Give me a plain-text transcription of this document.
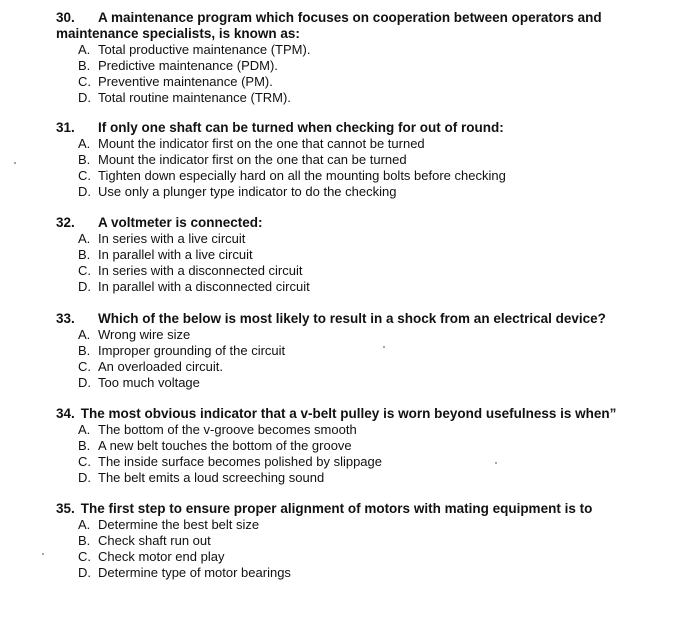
30. A maintenance program which focuses on cooperation between operators and maintenance specialists, is known as:

A. Total productive maintenance (TPM).
B. Predictive maintenance (PDM).
C. Preventive maintenance (PM).
D. Total routine maintenance (TRM).

31. If only one shaft can be turned when checking for out of round:

A. Mount the indicator first on the one that cannot be turned
B. Mount the indicator first on the one that can be turned
C. Tighten down especially hard on all the mounting bolts before checking
D. Use only a plunger type indicator to do the checking

32. A voltmeter is connected:

A. In series with a live circuit
B. In parallel with a live circuit
C. In series with a disconnected circuit
D. In parallel with a disconnected circuit

33. Which of the below is most likely to result in a shock from an electrical device?

A. Wrong wire size
B. Improper grounding of the circuit
C. An overloaded circuit.
D. Too much voltage

34. The most obvious indicator that a v-belt pulley is worn beyond usefulness is when”

A. The bottom of the v-groove becomes smooth
B. A new belt touches the bottom of the groove
C. The inside surface becomes polished by slippage
D. The belt emits a loud screeching sound

35. The first step to ensure proper alignment of motors with mating equipment is to

A. Determine the best belt size
B. Check shaft run out
C. Check motor end play
D. Determine type of motor bearings
